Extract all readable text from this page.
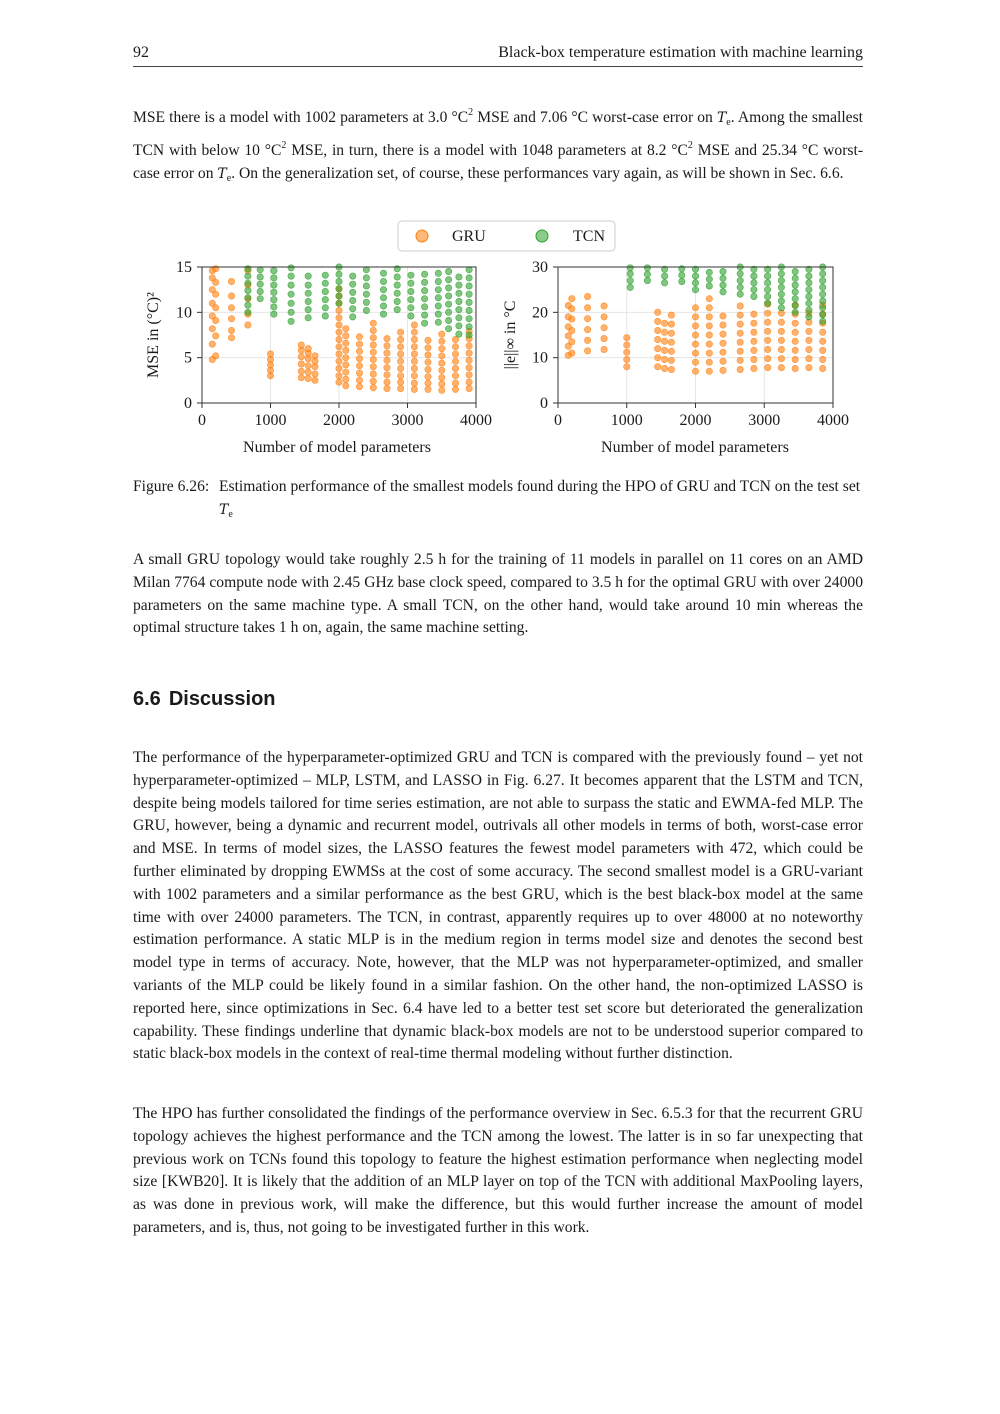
92	Black-box temperature estimation with machine learning

MSE there is a model with 1002 parameters at 3.0 $^\circ C^2$ MSE and 7.06 °C worst-case error on $T_e$. Among the smallest TCN with below 10 $^\circ C^2$ MSE, in turn, there is a model with 1048 parameters at 8.2 $^\circ C^2$ MSE and 25.34 °C worst-case error on $T_e$. On the generalization set, of course, these performances vary again, as will be shown in Sec. 6.6.

GRU	TCN
0	1000 2000 3000 4000
0
5
10
15
Number of model parameters
MSE in (°C)²
0	1000 2000 3000 4000
0
10
20
30
Number of model parameters
||e||∞ in °C
Figure 6.26: Estimation performance of the smallest models found during the HPO of GRU and TCN on the test set $T_e$

A small GRU topology would take roughly 2.5 h for the training of 11 models in parallel on 11 cores on an AMD Milan 7764 compute node with 2.45 GHz base clock speed, compared to 3.5 h for the optimal GRU with over 24000 parameters on the same machine type. A small TCN, on the other hand, would take around 10 min whereas the optimal structure takes 1 h on, again, the same machine setting.

6.6 Discussion

The performance of the hyperparameter-optimized GRU and TCN is compared with the previously found – yet not hyperparameter-optimized – MLP, LSTM, and LASSO in Fig. 6.27. It becomes apparent that the LSTM and TCN, despite being models tailored for time series estimation, are not able to surpass the static and EWMA-fed MLP. The GRU, however, being a dynamic and recurrent model, outrivals all other models in terms of both, worst-case error and MSE. In terms of model sizes, the LASSO features the fewest model parameters with 472, which could be further eliminated by dropping EWMSs at the cost of some accuracy. The second smallest model is a GRU-variant with 1002 parameters and a similar performance as the best GRU, which is the best black-box model at the same time with over 24000 parameters. The TCN, in contrast, apparently requires up to over 48000 at no noteworthy estimation performance. A static MLP is in the medium region in terms model size and denotes the second best model type in terms of accuracy. Note, however, that the MLP was not hyperparameter-optimized, and smaller variants of the MLP could be likely found in a similar fashion. On the other hand, the non-optimized LASSO is reported here, since optimizations in Sec. 6.4 have led to a better test set score but deteriorated the generalization capability. These findings underline that dynamic black-box models are not to be understood superior compared to static black-box models in the context of real-time thermal modeling without further distinction.

The HPO has further consolidated the findings of the performance overview in Sec. 6.5.3 for that the recurrent GRU topology achieves the highest performance and the TCN among the lowest. The latter is in so far unexpecting that previous work on TCNs found this topology to feature the highest estimation performance when neglecting model size [KWB20]. It is likely that the addition of an MLP layer on top of the TCN with additional MaxPooling layers, as was done in previous work, will make the difference, but this would further increase the amount of model parameters, and is, thus, not going to be investigated further in this work.
